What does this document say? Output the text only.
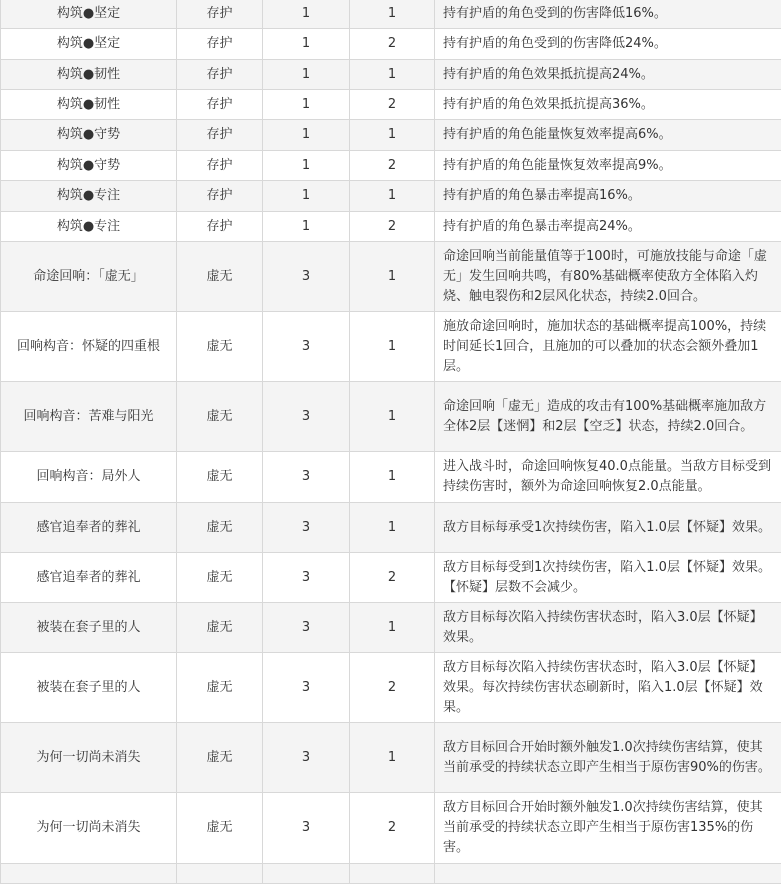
构筑●坚定	存护	1	1	持有护盾的角色受到的伤害降低16%。
构筑●坚定	存护	1	2	持有护盾的角色受到的伤害降低24%。
构筑●韧性	存护	1	1	持有护盾的角色效果抵抗提高24%。
构筑●韧性	存护	1	2	持有护盾的角色效果抵抗提高36%。
构筑●守势	存护	1	1	持有护盾的角色能量恢复效率提高6%。
构筑●守势	存护	1	2	持有护盾的角色能量恢复效率提高9%。
构筑●专注	存护	1	1	持有护盾的角色暴击率提高16%。
构筑●专注	存护	1	2	持有护盾的角色暴击率提高24%。
命途回响：「虚无」	虚无	3	1	命途回响当前能量值等于100时，可施放技能与命途「虚无」发生回响共鸣，有80%基础概率使敌方全体陷入灼烧、触电裂伤和2层风化状态，持续2.0回合。
回响构音：怀疑的四重根	虚无	3	1	施放命途回响时，施加状态的基础概率提高100%，持续时间延长1回合，且施加的可以叠加的状态会额外叠加1层。
回响构音：苦难与阳光	虚无	3	1	命途回响「虚无」造成的攻击有100%基础概率施加敌方全体2层【迷惘】和2层【空乏】状态，持续2.0回合。
回响构音：局外人	虚无	3	1	进入战斗时，命途回响恢复40.0点能量。当敌方目标受到持续伤害时，额外为命途回响恢复2.0点能量。
感官追奉者的葬礼	虚无	3	1	敌方目标每承受1次持续伤害，陷入1.0层【怀疑】效果。
感官追奉者的葬礼	虚无	3	2	敌方目标每受到1次持续伤害，陷入1.0层【怀疑】效果。【怀疑】层数不会减少。
被装在套子里的人	虚无	3	1	敌方目标每次陷入持续伤害状态时，陷入3.0层【怀疑】效果。
被装在套子里的人	虚无	3	2	敌方目标每次陷入持续伤害状态时，陷入3.0层【怀疑】效果。每次持续伤害状态刷新时，陷入1.0层【怀疑】效果。
为何一切尚未消失	虚无	3	1	敌方目标回合开始时额外触发1.0次持续伤害结算，使其当前承受的持续状态立即产生相当于原伤害90%的伤害。
为何一切尚未消失	虚无	3	2	敌方目标回合开始时额外触发1.0次持续伤害结算，使其当前承受的持续状态立即产生相当于原伤害135%的伤害。
